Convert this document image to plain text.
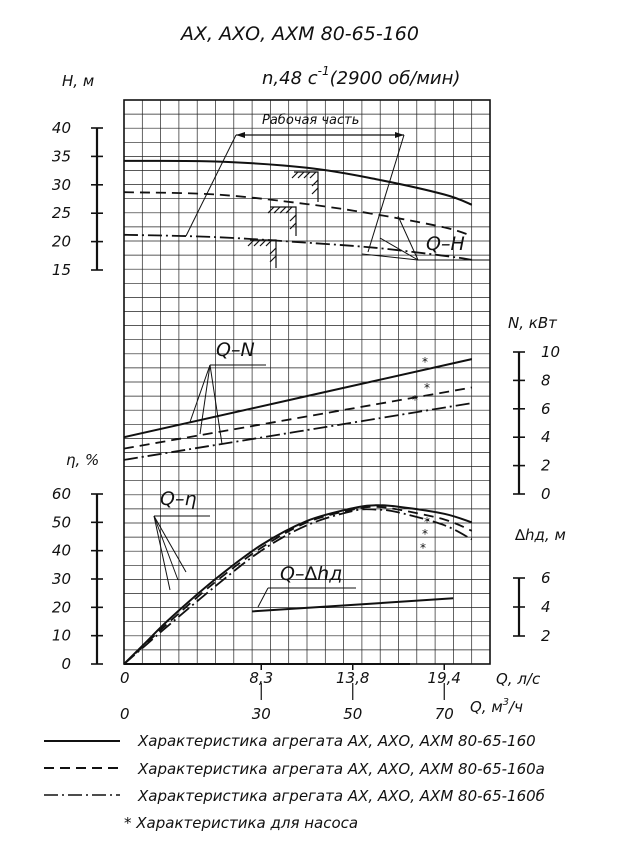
АХ, АХО, АХМ 80-65-160
n,48 $с^{-1}(2900$ об/мин)
Рабочая часть
H, м
40
35
30
25
20
15
η, %
60
50
40
30
20
10
0
N, кВт
10
8
6
4
2
0
∆hд, м
6
4
2
0	8,3	13,8	19,4 Q, л/с
0	30	50	70 Q, $м^3/ч$
Q–H
Q–N
Q–η
Q–∆hд
*
*
*
*
*
*
Характеристика агрегата АХ, АХО, АХМ 80-65-160
Характеристика агрегата АХ, АХО, АХМ 80-65-160а
Характеристика агрегата АХ, АХО, АХМ 80-65-160б
* Характеристика для насоса
